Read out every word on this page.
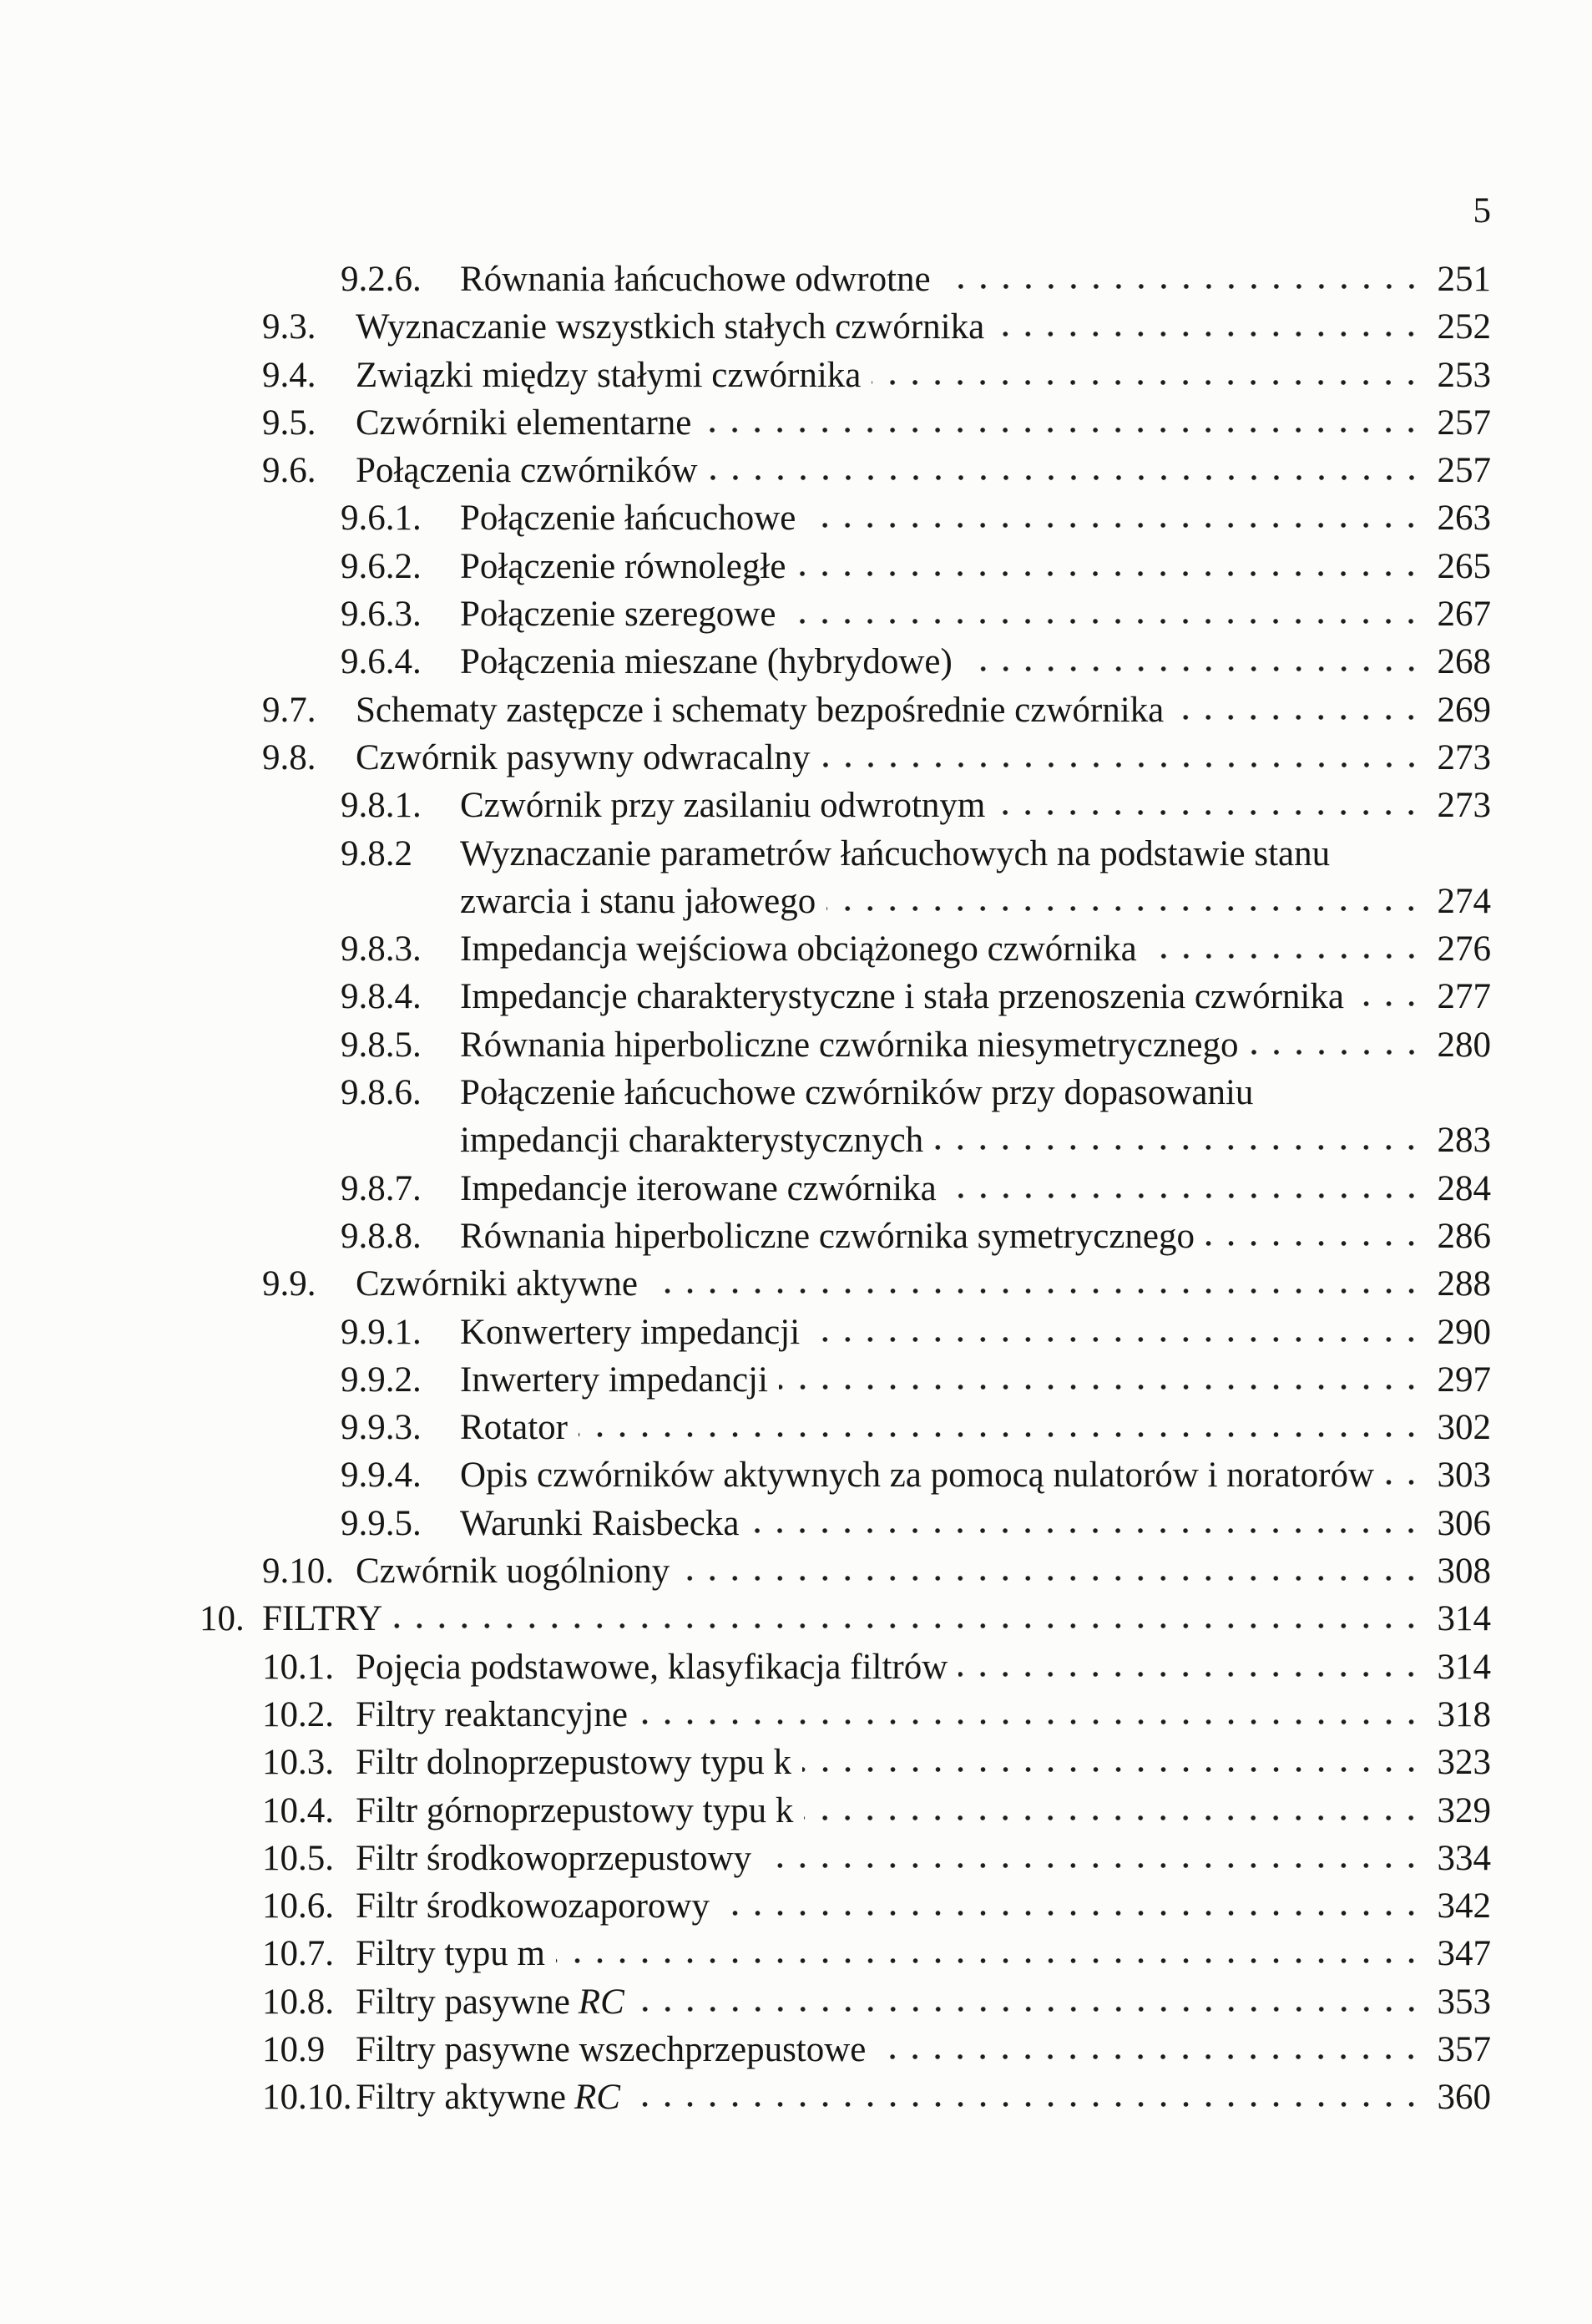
5
9.2.6.	Równania łańcuchowe odwrotne	251
9.3.	Wyznaczanie wszystkich stałych czwórnika	252
9.4.	Związki między stałymi czwórnika	253
9.5.	Czwórniki elementarne	257
9.6.	Połączenia czwórników	257
9.6.1.	Połączenie łańcuchowe	263
9.6.2.	Połączenie równoległe	265
9.6.3.	Połączenie szeregowe	267
9.6.4.	Połączenia mieszane (hybrydowe)	268
9.7.	Schematy zastępcze i schematy bezpośrednie czwórnika	269
9.8.	Czwórnik pasywny odwracalny	273
9.8.1.	Czwórnik przy zasilaniu odwrotnym	273
9.8.2	Wyznaczanie parametrów łańcuchowych na podstawie stanu
zwarcia i stanu jałowego	274
9.8.3.	Impedancja wejściowa obciążonego czwórnika	276
9.8.4.	Impedancje charakterystyczne i stała przenoszenia czwórnika	277
9.8.5.	Równania hiperboliczne czwórnika niesymetrycznego	280
9.8.6.	Połączenie łańcuchowe czwórników przy dopasowaniu
impedancji charakterystycznych	283
9.8.7.	Impedancje iterowane czwórnika	284
9.8.8.	Równania hiperboliczne czwórnika symetrycznego	286
9.9.	Czwórniki aktywne	288
9.9.1.	Konwertery impedancji	290
9.9.2.	Inwertery impedancji	297
9.9.3.	Rotator	302
9.9.4.	Opis czwórników aktywnych za pomocą nulatorów i noratorów 303
9.9.5.	Warunki Raisbecka	306
9.10. Czwórnik uogólniony	308
10. FILTRY	314
10.1. Pojęcia podstawowe, klasyfikacja filtrów	314
10.2. Filtry reaktancyjne	318
10.3. Filtr dolnoprzepustowy typu k	323
10.4. Filtr górnoprzepustowy typu k	329
10.5. Filtr środkowoprzepustowy	334
10.6. Filtr środkowozaporowy	342
10.7. Filtry typu m	347
10.8. Filtry pasywne RC	353
10.9 Filtry pasywne wszechprzepustowe	357
10.10. Filtry aktywne RC	360
